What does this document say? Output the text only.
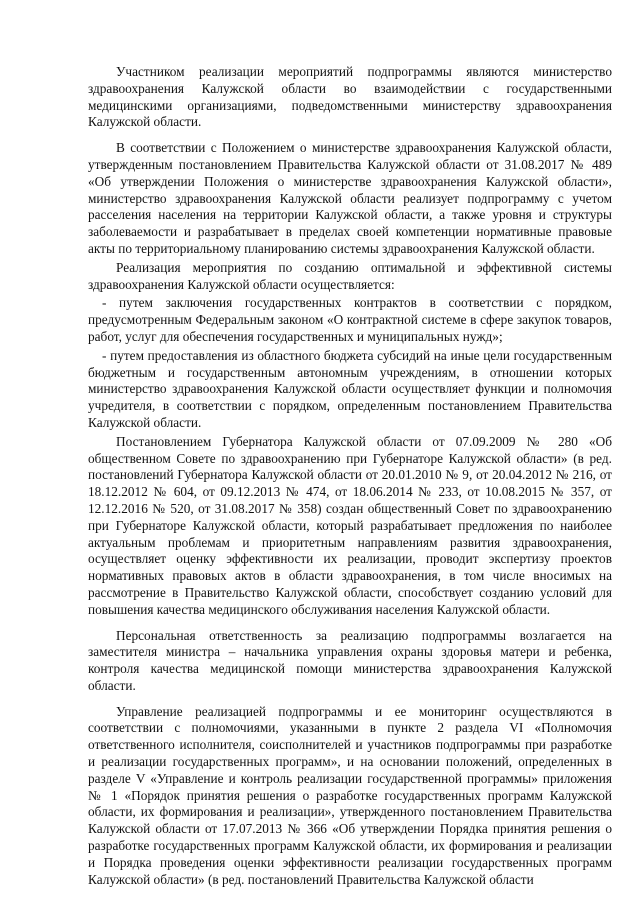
Участником реализации мероприятий подпрограммы являются министерство здравоохранения Калужской области во взаимодействии с государственными медицинскими организациями, подведомственными министерству здравоохранения Калужской области.

В соответствии с Положением о министерстве здравоохранения Калужской области, утвержденным постановлением Правительства Калужской области от 31.08.2017 № 489 «Об утверждении Положения о министерстве здравоохранения Калужской области», министерство здравоохранения Калужской области реализует подпрограмму с учетом расселения населения на территории Калужской области, а также уровня и структуры заболеваемости и разрабатывает в пределах своей компетенции нормативные правовые акты по территориальному планированию системы здравоохранения Калужской области.

Реализация мероприятия по созданию оптимальной и эффективной системы здравоохранения Калужской области осуществляется:

- путем заключения государственных контрактов в соответствии с порядком, предусмотренным Федеральным законом «О контрактной системе в сфере закупок товаров, работ, услуг для обеспечения государственных и муниципальных нужд»;

- путем предоставления из областного бюджета субсидий на иные цели государственным бюджетным и государственным автономным учреждениям, в отношении которых министерство здравоохранения Калужской области осуществляет функции и полномочия учредителя, в соответствии с порядком, определенным постановлением Правительства Калужской области.

Постановлением Губернатора Калужской области от 07.09.2009 № 280 «Об общественном Совете по здравоохранению при Губернаторе Калужской области» (в ред. постановлений Губернатора Калужской области от 20.01.2010 № 9, от 20.04.2012 № 216, от 18.12.2012 № 604, от 09.12.2013 № 474, от 18.06.2014 № 233, от 10.08.2015 № 357, от 12.12.2016 № 520, от 31.08.2017 № 358) создан общественный Совет по здравоохранению при Губернаторе Калужской области, который разрабатывает предложения по наиболее актуальным проблемам и приоритетным направлениям развития здравоохранения, осуществляет оценку эффективности их реализации, проводит экспертизу проектов нормативных правовых актов в области здравоохранения, в том числе вносимых на рассмотрение в Правительство Калужской области, способствует созданию условий для повышения качества медицинского обслуживания населения Калужской области.

Персональная ответственность за реализацию подпрограммы возлагается на заместителя министра – начальника управления охраны здоровья матери и ребенка, контроля качества медицинской помощи министерства здравоохранения Калужской области.

Управление реализацией подпрограммы и ее мониторинг осуществляются в соответствии с полномочиями, указанными в пункте 2 раздела VI «Полномочия ответственного исполнителя, соисполнителей и участников подпрограммы при разработке и реализации государственных программ», и на основании положений, определенных в разделе V «Управление и контроль реализации государственной программы» приложения № 1 «Порядок принятия решения о разработке государственных программ Калужской области, их формирования и реализации», утвержденного постановлением Правительства Калужской области от 17.07.2013 № 366 «Об утверждении Порядка принятия решения о разработке государственных программ Калужской области, их формирования и реализации и Порядка проведения оценки эффективности реализации государственных программ Калужской области» (в ред. постановлений Правительства Калужской области
